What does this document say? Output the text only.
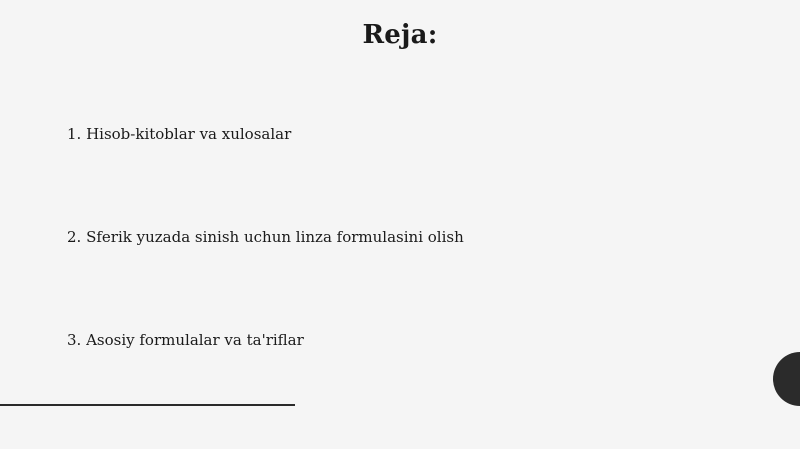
Reja:
1. Hisob-kitoblar va xulosalar
2. Sferik yuzada sinish uchun linza formulasini olish
3. Asosiy formulalar va ta'riflar
